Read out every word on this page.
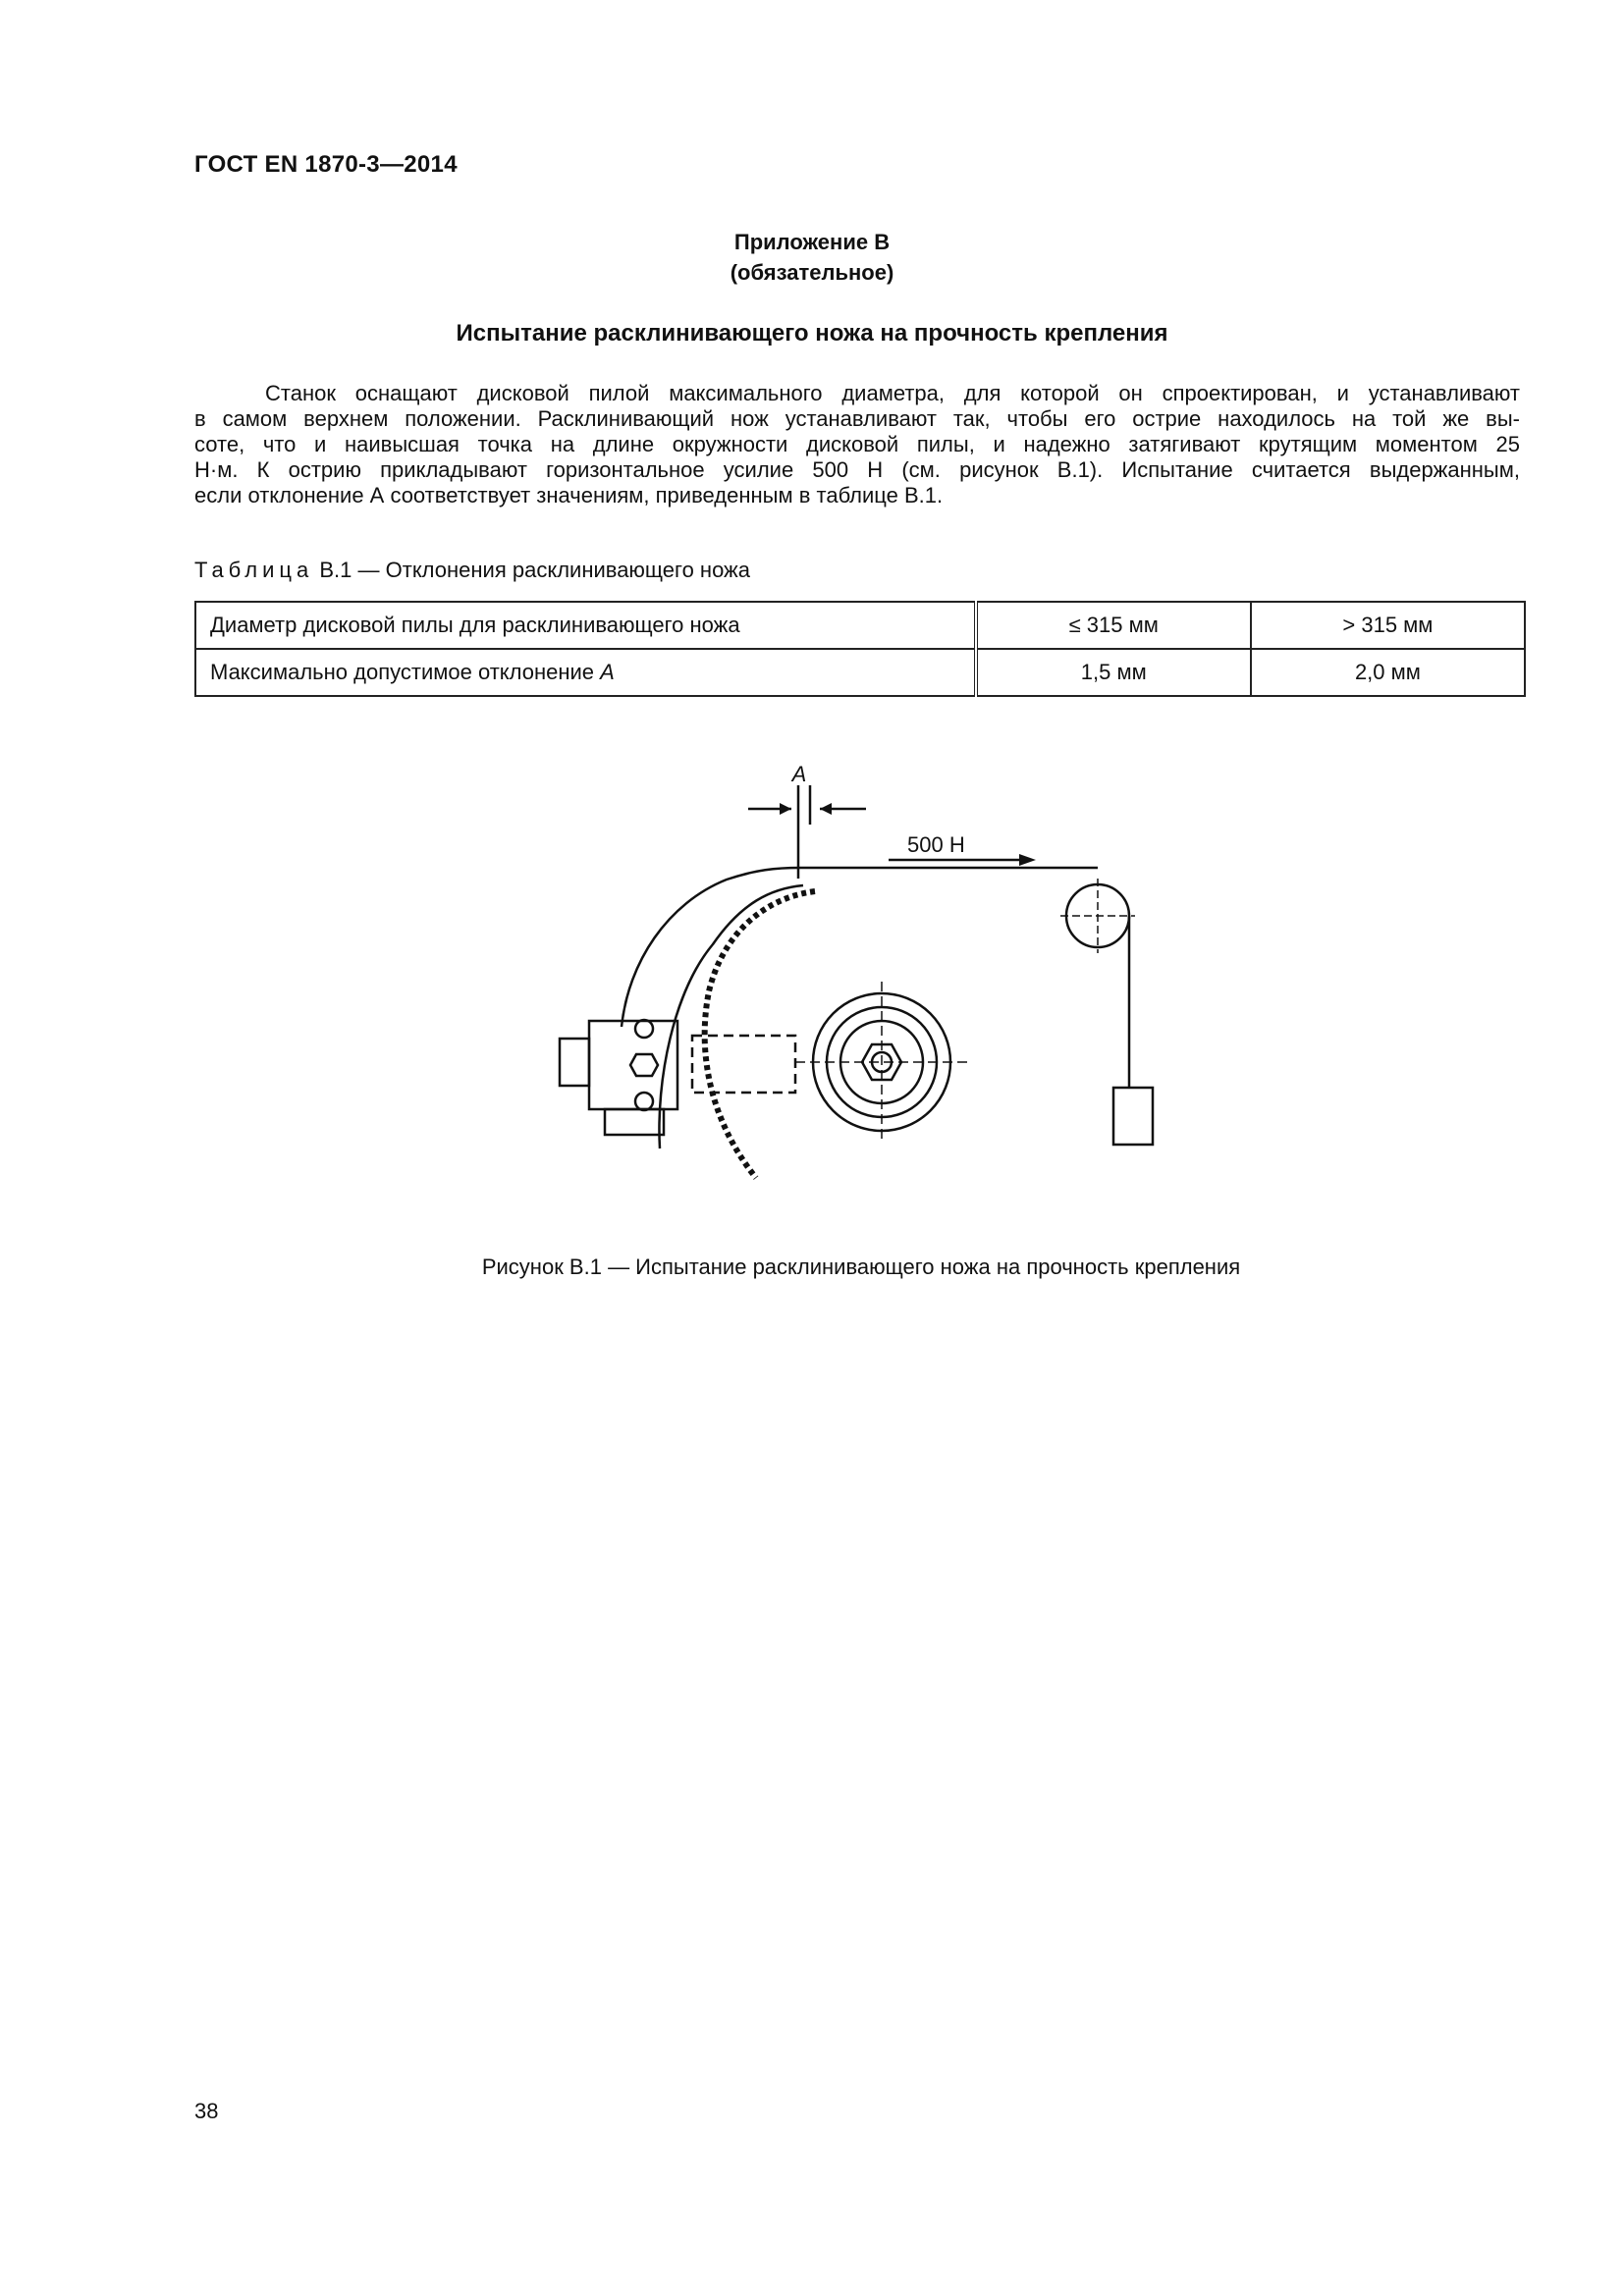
ГОСТ EN 1870-3—2014
Приложение В
(обязательное)
Испытание расклинивающего ножа на прочность крепления

Станок оснащают дисковой пилой максимального диаметра, для которой он спроектирован, и устанавливают
в самом верхнем положении. Расклинивающий нож устанавливают так, чтобы его острие находилось на той же вы-
соте, что и наивысшая точка на длине окружности дисковой пилы, и надежно затягивают крутящим моментом 25
Н·м. К острию прикладывают горизонтальное усилие 500 Н (см. рисунок В.1). Испытание считается выдержанным,
если отклонение А соответствует значениям, приведенным в таблице В.1.

Таблица В.1 — Отклонения расклинивающего ножа
Диаметр дисковой пилы для расклинивающего ножа	≤ 315 мм	> 315 мм
Максимально допустимое отклонение A	1,5 мм	2,0 мм
A
500 Н
Рисунок В.1 — Испытание расклинивающего ножа на прочность крепления
38
